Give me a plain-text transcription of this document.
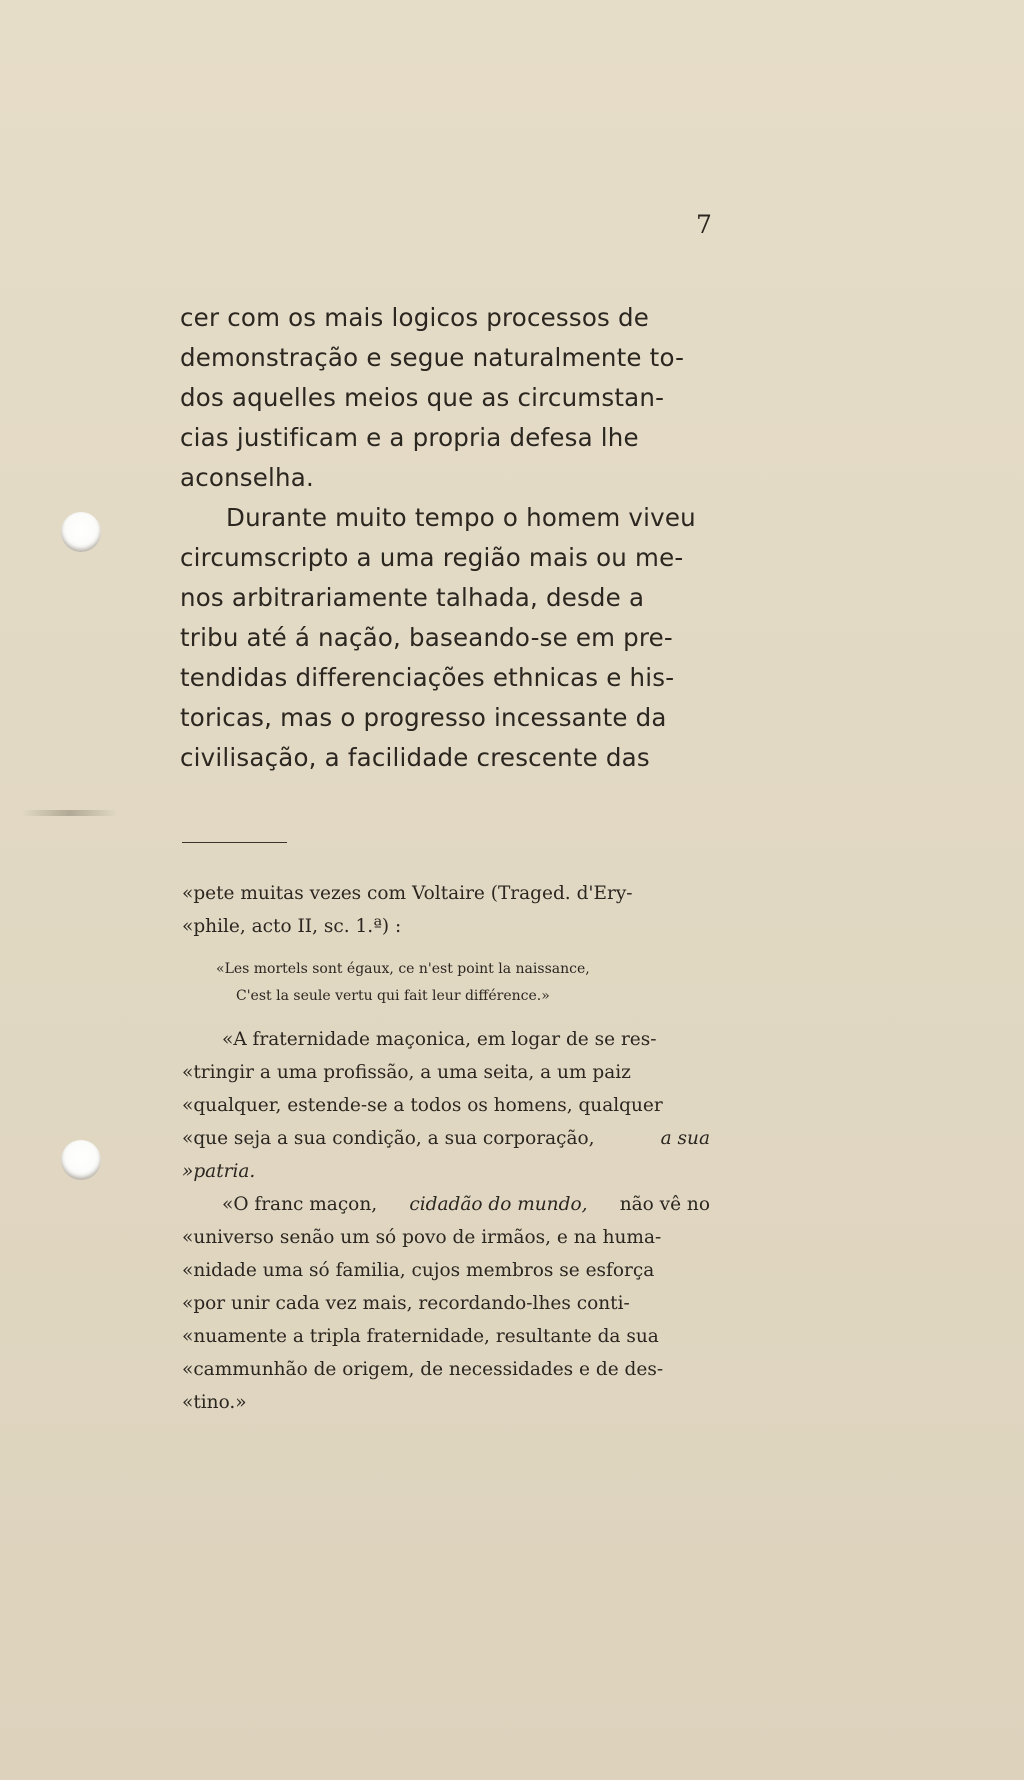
7
cer com os mais logicos processos de
demonstração e segue naturalmente to-
dos aquelles meios que as circumstan-
cias justificam e a propria defesa lhe
aconselha.
Durante muito tempo o homem viveu
circumscripto a uma região mais ou me-
nos arbitrariamente talhada, desde a
tribu até á nação, baseando-se em pre-
tendidas differenciações ethnicas e his-
toricas, mas o progresso incessante da
civilisação, a facilidade crescente das
«pete muitas vezes com Voltaire (Traged. d'Ery-
«phile, acto II, sc. 1.ª) :
«Les mortels sont égaux, ce n'est point la naissance,
C'est la seule vertu qui fait leur différence.»
«A fraternidade maçonica, em logar de se res-
«tringir a uma profissão, a uma seita, a um paiz
«qualquer, estende-se a todos os homens, qualquer
«que seja a sua condição, a sua corporação,	a sua
»patria.
«O franc maçon, cidadão do mundo, não vê no
«universo senão um só povo de irmãos, e na huma-
«nidade uma só familia, cujos membros se esforça
«por unir cada vez mais, recordando-lhes conti-
«nuamente a tripla fraternidade, resultante da sua
«cammunhão de origem, de necessidades e de des-
«tino.»
